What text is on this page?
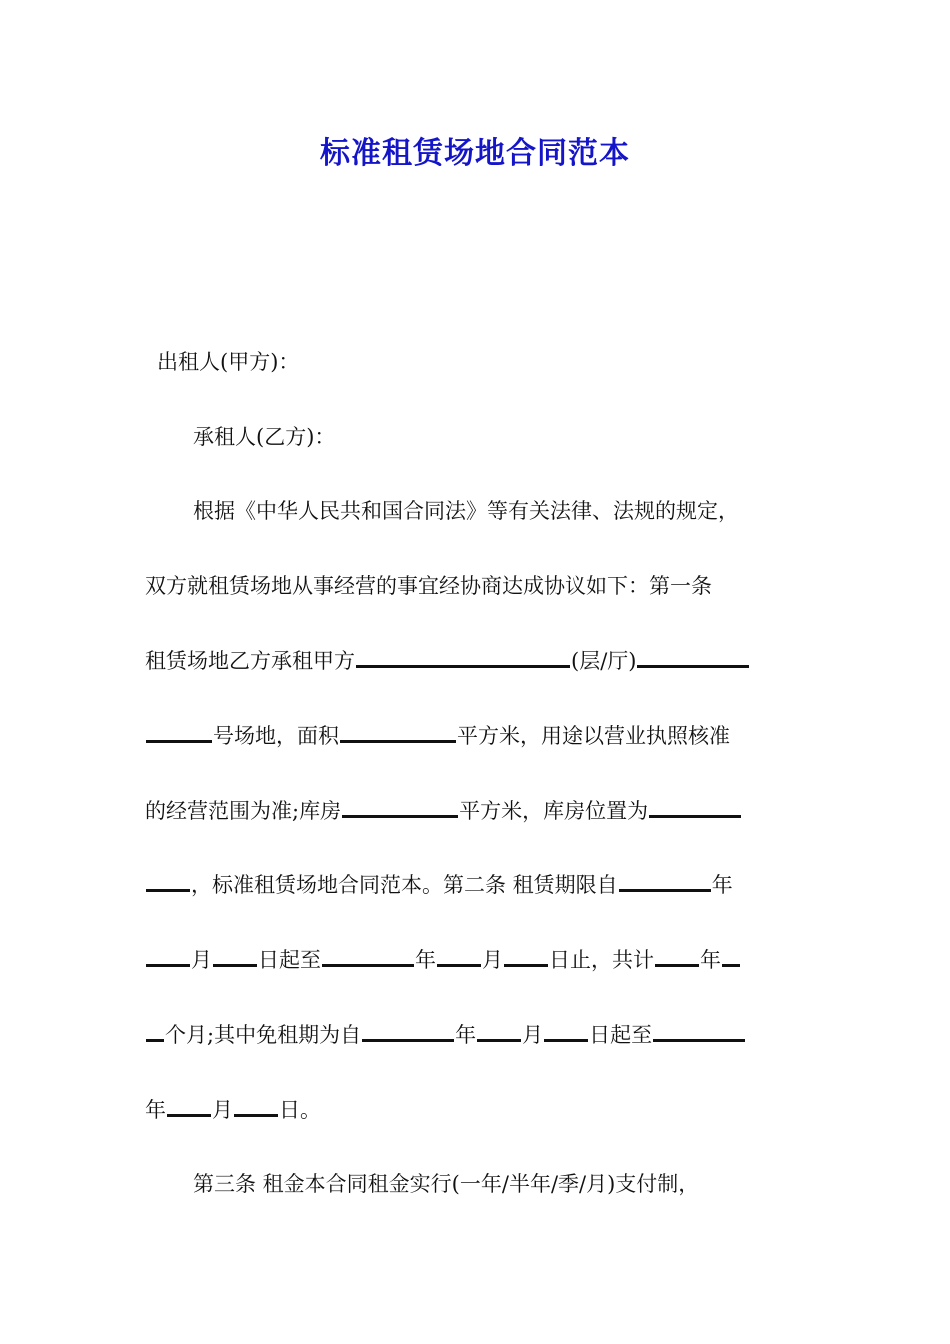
标准租赁场地合同范本
出租人(甲方)：
承租人(乙方)：
根据《中华人民共和国合同法》等有关法律、法规的规定，
双方就租赁场地从事经营的事宜经协商达成协议如下：第一条
租赁场地乙方承租甲方	(层/厅)
号场地，面积	平方米，用途以营业执照核准
的经营范围为准;库房	平方米，库房位置为
，标准租赁场地合同范本。第二条 租赁期限自	年
月 日起至	年 月 日止，共计 年
个月;其中免租期为自	年 月 日起至
年 月 日。
第三条 租金本合同租金实行(一年/半年/季/月)支付制，
